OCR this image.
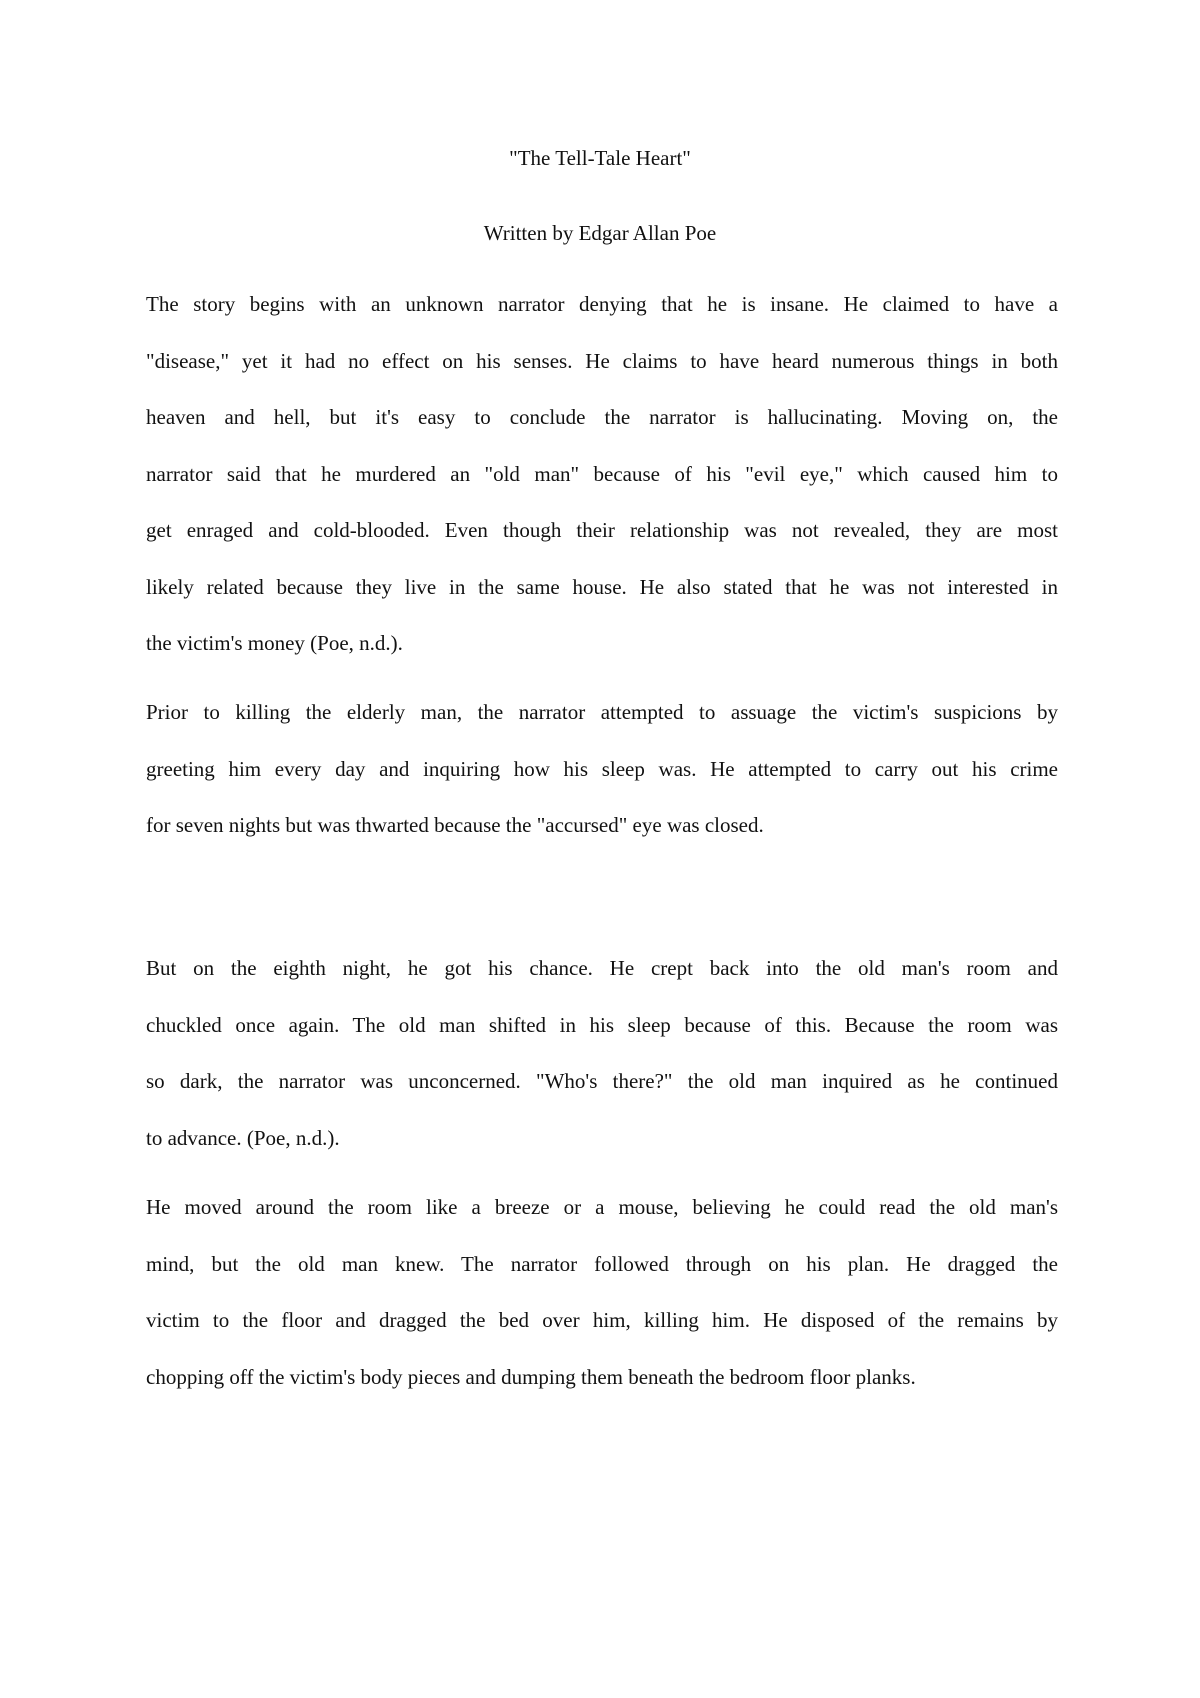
"The Tell-Tale Heart"

Written by Edgar Allan Poe

The story begins with an unknown narrator denying that he is insane. He claimed to have a
"disease," yet it had no effect on his senses. He claims to have heard numerous things in both
heaven and hell, but it's easy to conclude the narrator is hallucinating. Moving on, the
narrator said that he murdered an "old man" because of his "evil eye," which caused him to
get enraged and cold-blooded. Even though their relationship was not revealed, they are most
likely related because they live in the same house. He also stated that he was not interested in
the victim's money (Poe, n.d.).
Prior to killing the elderly man, the narrator attempted to assuage the victim's suspicions by
greeting him every day and inquiring how his sleep was. He attempted to carry out his crime
for seven nights but was thwarted because the "accursed" eye was closed.
But on the eighth night, he got his chance. He crept back into the old man's room and
chuckled once again. The old man shifted in his sleep because of this. Because the room was
so dark, the narrator was unconcerned. "Who's there?" the old man inquired as he continued
to advance. (Poe, n.d.).
He moved around the room like a breeze or a mouse, believing he could read the old man's
mind, but the old man knew. The narrator followed through on his plan. He dragged the
victim to the floor and dragged the bed over him, killing him. He disposed of the remains by
chopping off the victim's body pieces and dumping them beneath the bedroom floor planks.
